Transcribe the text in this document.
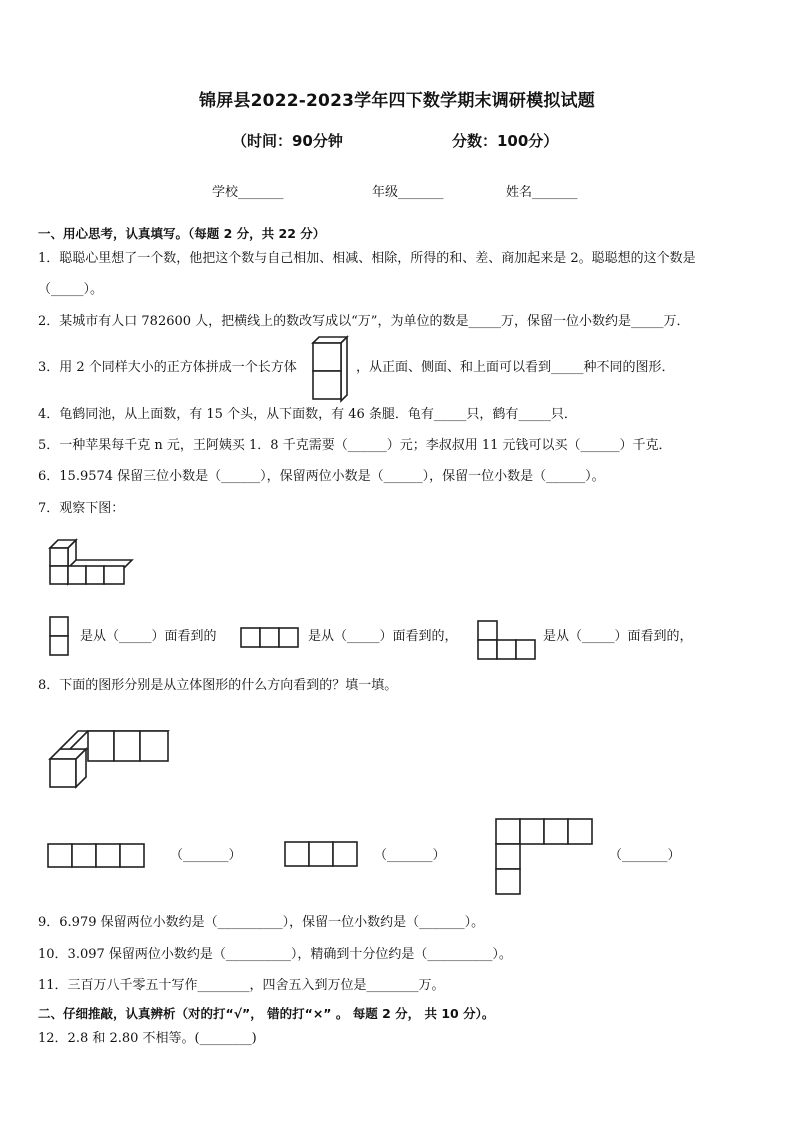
锦屏县2022-2023学年四下数学期末调研模拟试题
（时间：90分钟	分数：100分）
学校_______	年级_______	姓名_______
一、用心思考，认真填写。（每题 2 分，共 22 分）
1．聪聪心里想了一个数，他把这个数与自己相加、相减、相除，所得的和、差、商加起来是 2。聪聪想的这个数是
（_____）。
2．某城市有人口 782600 人，把横线上的数改写成以“万”，为单位的数是_____万，保留一位小数约是_____万．
3．用 2 个同样大小的正方体拼成一个长方体	，从正面、侧面、和上面可以看到_____种不同的图形．
4．龟鹤同池，从上面数，有 15 个头，从下面数，有 46 条腿．龟有_____只，鹤有_____只．
5．一种苹果每千克 n 元，王阿姨买 1．8 千克需要（______）元；李叔叔用 11 元钱可以买（______）千克．
6．15.9574 保留三位小数是（______），保留两位小数是（______），保留一位小数是（______）。
7．观察下图：
是从（_____）面看到的	是从（_____）面看到的，	是从（_____）面看到的，
8．下面的图形分别是从立体图形的什么方向看到的？填一填。
（_______）	（_______）	（_______）
9．6.979 保留两位小数约是（__________），保留一位小数约是（_______）。
10．3.097 保留两位小数约是（__________），精确到十分位约是（__________）。
11．三百万八千零五十写作________，四舍五入到万位是________万。
二、仔细推敲，认真辨析（对的打“√”， 错的打“×” 。 每题 2 分， 共 10 分）。
12．2.8 和 2.80 不相等。(________)
